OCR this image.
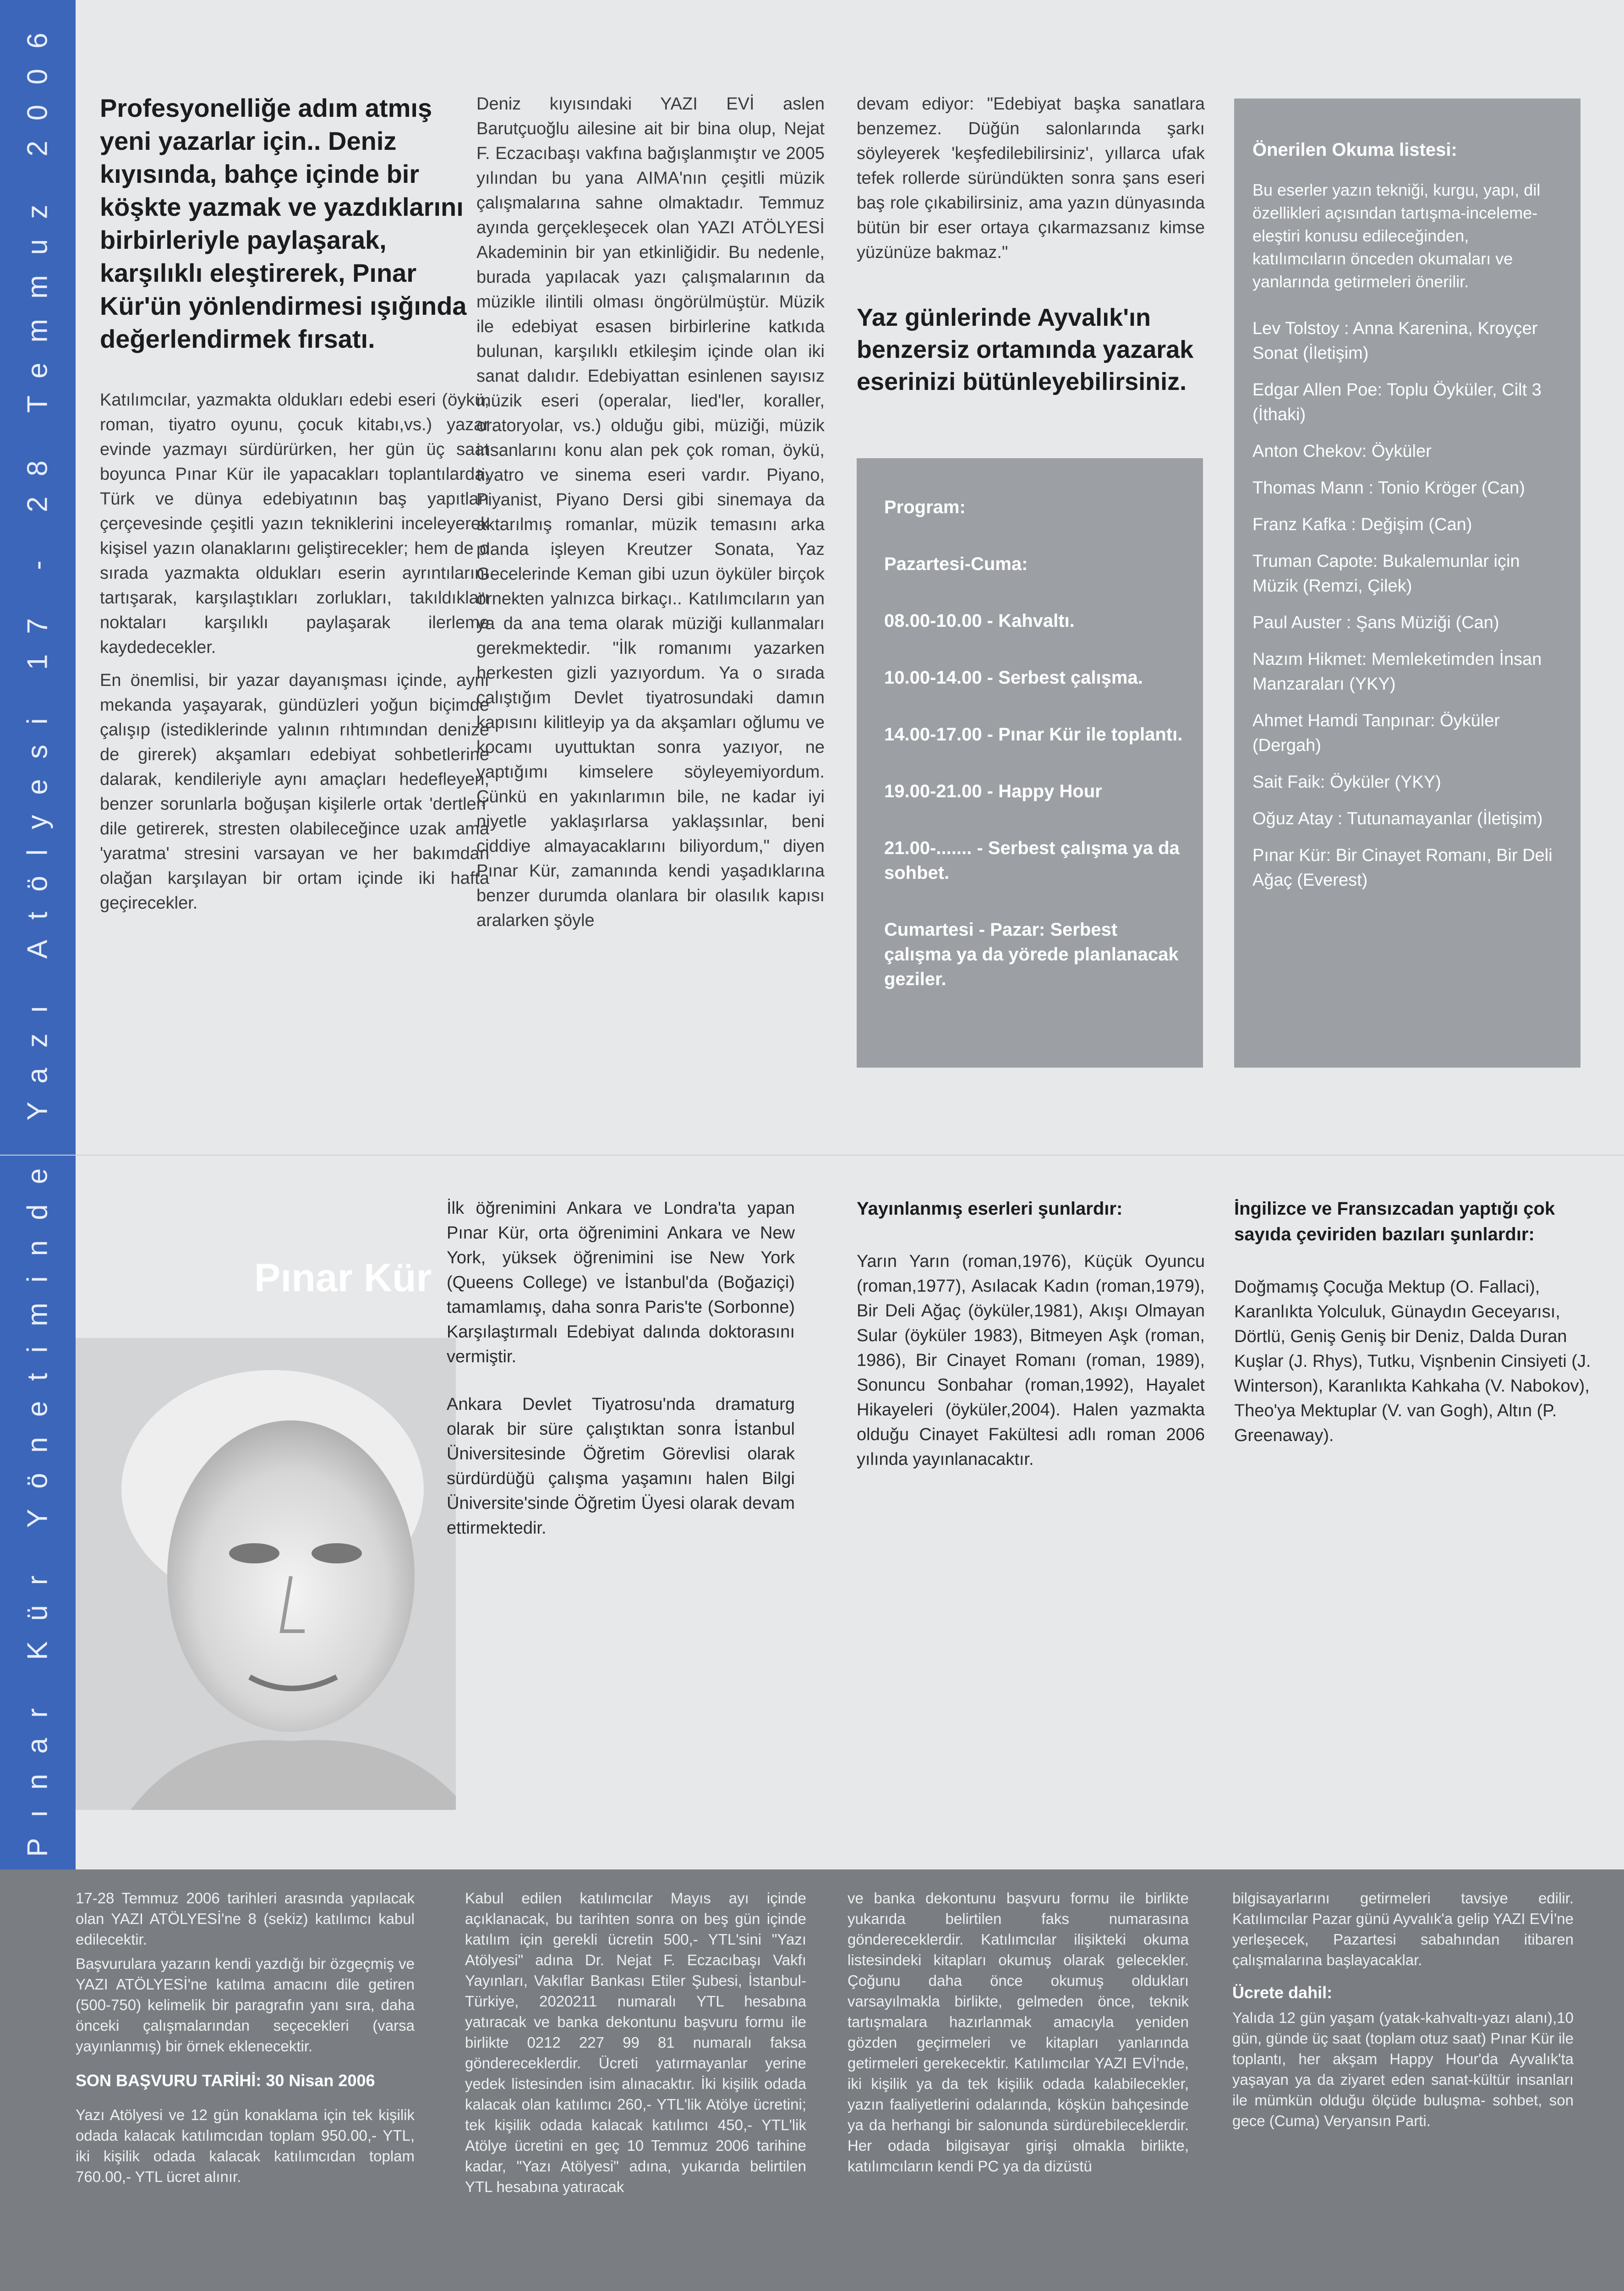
Pınar Kür Yönetiminde Yazı Atölyesi 17 - 28 Temmuz 2006 Profesyonelliğe adım atmış yeni yazarlar için.. Deniz kıyısında, bahçe içinde bir köşkte yazmak ve yazdıklarını birbirleriyle paylaşarak, karşılıklı eleştirerek, Pınar Kür'ün yönlendirmesi ışığında değerlendirmek fırsatı.

Katılımcılar, yazmakta oldukları edebi eseri (öykü, roman, tiyatro oyunu, çocuk kitabı,vs.) yazar evinde yazmayı sürdürürken, her gün üç saat boyunca Pınar Kür ile yapacakları toplantılarda, Türk ve dünya edebiyatının baş yapıtları çerçevesinde çeşitli yazın tekniklerini inceleyerek kişisel yazın olanaklarını geliştirecekler; hem de o sırada yazmakta oldukları eserin ayrıntılarını tartışarak, karşılaştıkları zorlukları, takıldıkları noktaları karşılıklı paylaşarak ilerleme kaydedecekler.

En önemlisi, bir yazar dayanışması içinde, aynı mekanda yaşayarak, gündüzleri yoğun biçimde çalışıp (istediklerinde yalının rıhtımından denize de girerek) akşamları edebiyat sohbetlerine dalarak, kendileriyle aynı amaçları hedefleyen, benzer sorunlarla boğuşan kişilerle ortak 'dertleri' dile getirerek, stresten olabileceğince uzak ama 'yaratma' stresini varsayan ve her bakımdan olağan karşılayan bir ortam içinde iki hafta geçirecekler.

Deniz kıyısındaki YAZI EVİ aslen Barutçuoğlu ailesine ait bir bina olup, Nejat F. Eczacıbaşı vakfına bağışlanmıştır ve 2005 yılından bu yana AIMA'nın çeşitli müzik çalışmalarına sahne olmaktadır. Temmuz ayında gerçekleşecek olan YAZI ATÖLYESİ Akademinin bir yan etkinliğidir. Bu nedenle, burada yapılacak yazı çalışmalarının da müzikle ilintili olması öngörülmüştür. Müzik ile edebiyat esasen birbirlerine katkıda bulunan, karşılıklı etkileşim içinde olan iki sanat dalıdır. Edebiyattan esinlenen sayısız müzik eseri (operalar, lied'ler, koraller, oratoryolar, vs.) olduğu gibi, müziği, müzik insanlarını konu alan pek çok roman, öykü, tiyatro ve sinema eseri vardır. Piyano, Piyanist, Piyano Dersi gibi sinemaya da aktarılmış romanlar, müzik temasını arka planda işleyen Kreutzer Sonata, Yaz Gecelerinde Keman gibi uzun öyküler birçok örnekten yalnızca birkaçı.. Katılımcıların yan ya da ana tema olarak müziği kullanmaları gerekmektedir. "İlk romanımı yazarken herkesten gizli yazıyordum. Ya o sırada çalıştığım Devlet tiyatrosundaki damın kapısını kilitleyip ya da akşamları oğlumu ve kocamı uyuttuktan sonra yazıyor, ne yaptığımı kimselere söyleyemiyordum. Çünkü en yakınlarımın bile, ne kadar iyi niyetle yaklaşırlarsa yaklaşsınlar, beni ciddiye almayacaklarını biliyordum," diyen Pınar Kür, zamanında kendi yaşadıklarına benzer durumda olanlara bir olasılık kapısı aralarken şöyle

devam ediyor: "Edebiyat başka sanatlara benzemez. Düğün salonlarında şarkı söyleyerek 'keşfedilebilirsiniz', yıllarca ufak tefek rollerde süründükten sonra şans eseri baş role çıkabilirsiniz, ama yazın dünyasında bütün bir eser ortaya çıkarmazsanız kimse yüzünüze bakmaz."
Yaz günlerinde Ayvalık'ın benzersiz ortamında yazarak eserinizi bütünleyebilirsiniz.
Program:
Pazartesi-Cuma:
08.00-10.00 - Kahvaltı.
10.00-14.00 - Serbest çalışma.
14.00-17.00 - Pınar Kür ile toplantı.
19.00-21.00 - Happy Hour
21.00-....... - Serbest çalışma ya da sohbet.
Cumartesi - Pazar: Serbest çalışma ya da yörede planlanacak geziler.
Önerilen Okuma listesi:
Bu eserler yazın tekniği, kurgu, yapı, dil özellikleri açısından tartışma-inceleme-eleştiri konusu edileceğinden, katılımcıların önceden okumaları ve yanlarında getirmeleri önerilir.
Lev Tolstoy : Anna Karenina, Kroyçer Sonat (İletişim)
Edgar Allen Poe: Toplu Öyküler, Cilt 3 (İthaki)
Anton Chekov: Öyküler
Thomas Mann : Tonio Kröger (Can)
Franz Kafka : Değişim (Can)
Truman Capote: Bukalemunlar için Müzik (Remzi, Çilek)
Paul Auster : Şans Müziği (Can)
Nazım Hikmet: Memleketimden İnsan Manzaraları (YKY)
Ahmet Hamdi Tanpınar: Öyküler (Dergah)
Sait Faik: Öyküler (YKY)
Oğuz Atay : Tutunamayanlar (İletişim)
Pınar Kür: Bir Cinayet Romanı, Bir Deli Ağaç (Everest)
Pınar Kür

İlk öğrenimini Ankara ve Londra'ta yapan Pınar Kür, orta öğrenimini Ankara ve New York, yüksek öğrenimini ise New York (Queens College) ve İstanbul'da (Boğaziçi) tamamlamış, daha sonra Paris'te (Sorbonne) Karşılaştırmalı Edebiyat dalında doktorasını vermiştir.

Ankara Devlet Tiyatrosu'nda dramaturg olarak bir süre çalıştıktan sonra İstanbul Üniversitesinde Öğretim Görevlisi olarak sürdürdüğü çalışma yaşamını halen Bilgi Üniversite'sinde Öğretim Üyesi olarak devam ettirmektedir.

Yayınlanmış eserleri şunlardır:
Yarın Yarın (roman,1976), Küçük Oyuncu (roman,1977), Asılacak Kadın (roman,1979), Bir Deli Ağaç (öyküler,1981), Akışı Olmayan Sular (öyküler 1983), Bitmeyen Aşk (roman, 1986), Bir Cinayet Romanı (roman, 1989), Sonuncu Sonbahar (roman,1992), Hayalet Hikayeleri (öyküler,2004). Halen yazmakta olduğu Cinayet Fakültesi adlı roman 2006 yılında yayınlanacaktır.
İngilizce ve Fransızcadan yaptığı çok sayıda çeviriden bazıları şunlardır:
Doğmamış Çocuğa Mektup (O. Fallaci), Karanlıkta Yolculuk, Günaydın Geceyarısı, Dörtlü, Geniş Geniş bir Deniz, Dalda Duran Kuşlar (J. Rhys), Tutku, Vişnbenin Cinsiyeti (J. Winterson), Karanlıkta Kahkaha (V. Nabokov), Theo'ya Mektuplar (V. van Gogh), Altın (P. Greenaway).

17-28 Temmuz 2006 tarihleri arasında yapılacak olan YAZI ATÖLYESİ'ne 8 (sekiz) katılımcı kabul edilecektir.

Başvurulara yazarın kendi yazdığı bir özgeçmiş ve YAZI ATÖLYESİ'ne katılma amacını dile getiren (500-750) kelimelik bir paragrafın yanı sıra, daha önceki çalışmalarından seçecekleri (varsa yayınlanmış) bir örnek eklenecektir.

SON BAŞVURU TARİHİ: 30 Nisan 2006

Yazı Atölyesi ve 12 gün konaklama için tek kişilik odada kalacak katılımcıdan toplam 950.00,- YTL, iki kişilik odada kalacak katılımcıdan toplam 760.00,- YTL ücret alınır.

Kabul edilen katılımcılar Mayıs ayı içinde açıklanacak, bu tarihten sonra on beş gün içinde katılım için gerekli ücretin 500,- YTL'sini "Yazı Atölyesi" adına Dr. Nejat F. Eczacıbaşı Vakfı Yayınları, Vakıflar Bankası Etiler Şubesi, İstanbul-Türkiye, 2020211 numaralı YTL hesabına yatıracak ve banka dekontunu başvuru formu ile birlikte 0212 227 99 81 numaralı faksa göndereceklerdir. Ücreti yatırmayanlar yerine yedek listesinden isim alınacaktır. İki kişilik odada kalacak olan katılımcı 260,- YTL'lik Atölye ücretini; tek kişilik odada kalacak katılımcı 450,- YTL'lik Atölye ücretini en geç 10 Temmuz 2006 tarihine kadar, "Yazı Atölyesi" adına, yukarıda belirtilen YTL hesabına yatıracak

ve banka dekontunu başvuru formu ile birlikte yukarıda belirtilen faks numarasına göndereceklerdir. Katılımcılar ilişikteki okuma listesindeki kitapları okumuş olarak gelecekler. Çoğunu daha önce okumuş oldukları varsayılmakla birlikte, gelmeden önce, teknik tartışmalara hazırlanmak amacıyla yeniden gözden geçirmeleri ve kitapları yanlarında getirmeleri gerekecektir. Katılımcılar YAZI EVİ'nde, iki kişilik ya da tek kişilik odada kalabilecekler, yazın faaliyetlerini odalarında, köşkün bahçesinde ya da herhangi bir salonunda sürdürebileceklerdir. Her odada bilgisayar girişi olmakla birlikte, katılımcıların kendi PC ya da dizüstü

bilgisayarlarını getirmeleri tavsiye edilir. Katılımcılar Pazar günü Ayvalık'a gelip YAZI EVİ'ne yerleşecek, Pazartesi sabahından itibaren çalışmalarına başlayacaklar.

Ücrete dahil:

Yalıda 12 gün yaşam (yatak-kahvaltı-yazı alanı),10 gün, günde üç saat (toplam otuz saat) Pınar Kür ile toplantı, her akşam Happy Hour'da Ayvalık'ta yaşayan ya da ziyaret eden sanat-kültür insanları ile mümkün olduğu ölçüde buluşma- sohbet, son gece (Cuma) Veryansın Parti.
